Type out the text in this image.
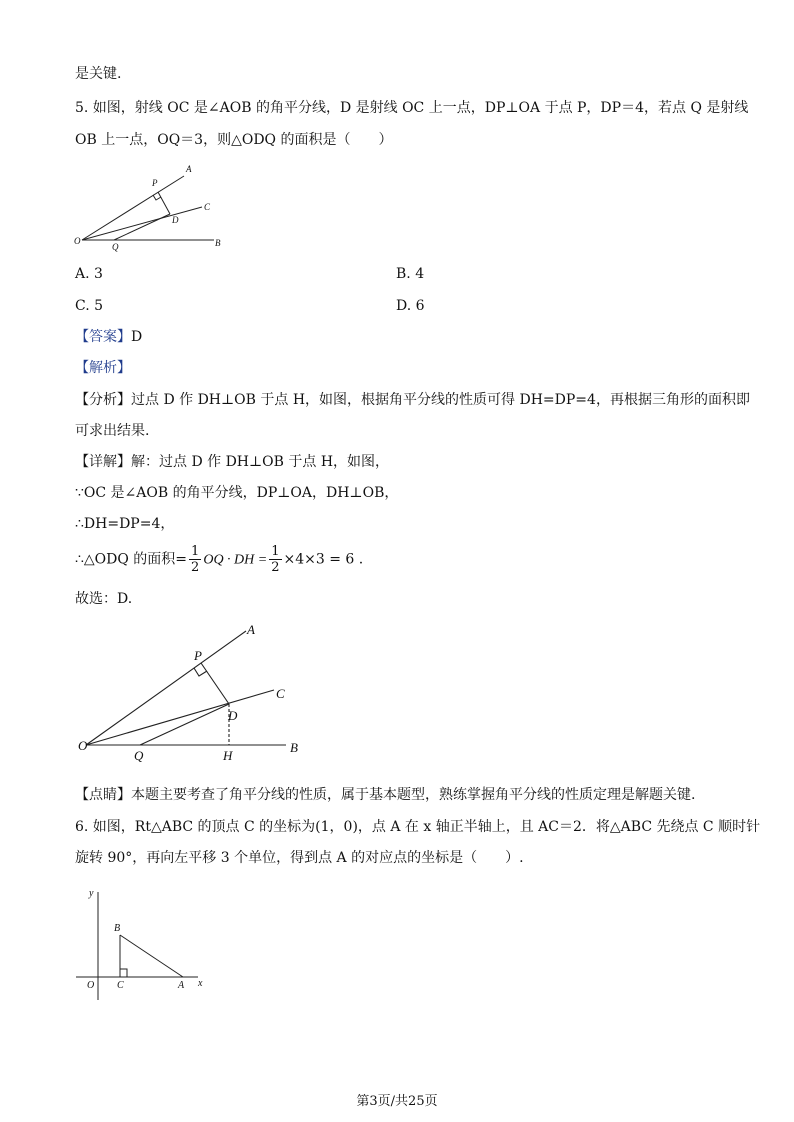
是关键.
5. 如图，射线 OC 是∠AOB 的角平分线，D 是射线 OC 上一点，DP⊥OA 于点 P，DP＝4，若点 Q 是射线
OB 上一点，OQ＝3，则△ODQ 的面积是（　　）
A
P
C
D
O
Q	B
A. 3	B. 4
C. 5	D. 6
【答案】D
【解析】
【分析】过点 D 作 DH⊥OB 于点 H，如图，根据角平分线的性质可得 DH=DP=4，再根据三角形的面积即
可求出结果.
【详解】解：过点 D 作 DH⊥OB 于点 H，如图，
∵OC 是∠AOB 的角平分线，DP⊥OA，DH⊥OB，
∴DH=DP=4，
∴△ODQ 的面积= $\frac{1}{2}$ OQ · DH = $\frac{1}{2} \times 4\times 3 = 6$ .
故选：D.
A
P
C
D
O
Q	H
B
【点睛】本题主要考查了角平分线的性质，属于基本题型，熟练掌握角平分线的性质定理是解题关键.
6. 如图，Rt△ABC 的顶点 C 的坐标为(1，0)，点 A 在 x 轴正半轴上，且 AC＝2．将△ABC 先绕点 C 顺时针
旋转 90°，再向左平移 3 个单位，得到点 A 的对应点的坐标是（　　）.
y
B
O C	A x
第3页/共25页
